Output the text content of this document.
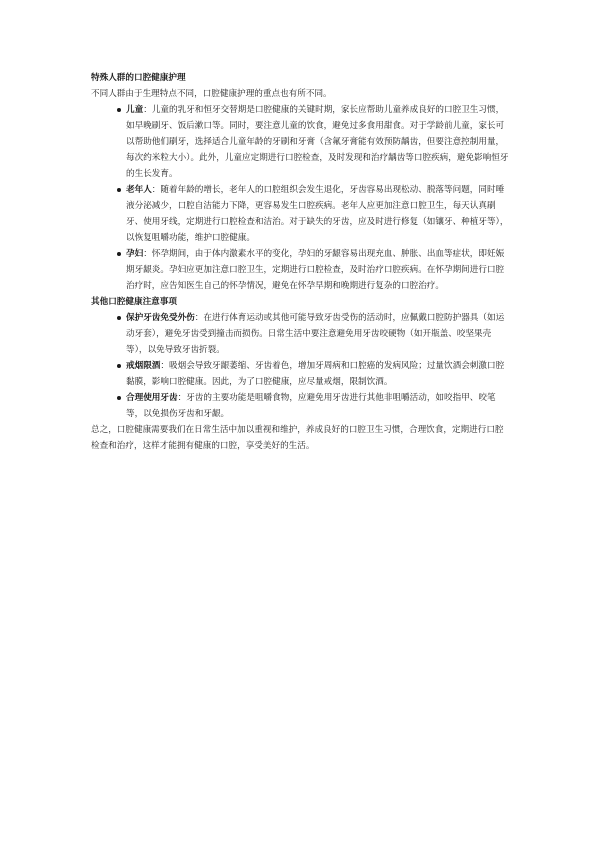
特殊人群的口腔健康护理

不同人群由于生理特点不同，口腔健康护理的重点也有所不同。

儿童：儿童的乳牙和恒牙交替期是口腔健康的关键时期，家长应帮助儿童养成良好的口腔卫生习惯，如早晚刷牙、饭后漱口等。同时，要注意儿童的饮食，避免过多食用甜食。对于学龄前儿童，家长可以帮助他们刷牙，选择适合儿童年龄的牙刷和牙膏（含氟牙膏能有效预防龋齿，但要注意控制用量，每次约米粒大小）。此外，儿童应定期进行口腔检查，及时发现和治疗龋齿等口腔疾病，避免影响恒牙的生长发育。
老年人：随着年龄的增长，老年人的口腔组织会发生退化，牙齿容易出现松动、脱落等问题，同时唾液分泌减少，口腔自洁能力下降，更容易发生口腔疾病。老年人应更加注意口腔卫生，每天认真刷牙、使用牙线，定期进行口腔检查和洁治。对于缺失的牙齿，应及时进行修复（如镶牙、种植牙等），以恢复咀嚼功能，维护口腔健康。
孕妇：怀孕期间，由于体内激素水平的变化，孕妇的牙龈容易出现充血、肿胀、出血等症状，即妊娠期牙龈炎。孕妇应更加注意口腔卫生，定期进行口腔检查，及时治疗口腔疾病。在怀孕期间进行口腔治疗时，应告知医生自己的怀孕情况，避免在怀孕早期和晚期进行复杂的口腔治疗。

其他口腔健康注意事项

保护牙齿免受外伤：在进行体育运动或其他可能导致牙齿受伤的活动时，应佩戴口腔防护器具（如运动牙套），避免牙齿受到撞击而损伤。日常生活中要注意避免用牙齿咬硬物（如开瓶盖、咬坚果壳等），以免导致牙齿折裂。
戒烟限酒：吸烟会导致牙龈萎缩、牙齿着色，增加牙周病和口腔癌的发病风险；过量饮酒会刺激口腔黏膜，影响口腔健康。因此，为了口腔健康，应尽量戒烟，限制饮酒。
合理使用牙齿：牙齿的主要功能是咀嚼食物，应避免用牙齿进行其他非咀嚼活动，如咬指甲、咬笔等，以免损伤牙齿和牙龈。

总之，口腔健康需要我们在日常生活中加以重视和维护，养成良好的口腔卫生习惯，合理饮食，定期进行口腔检查和治疗，这样才能拥有健康的口腔，享受美好的生活。
